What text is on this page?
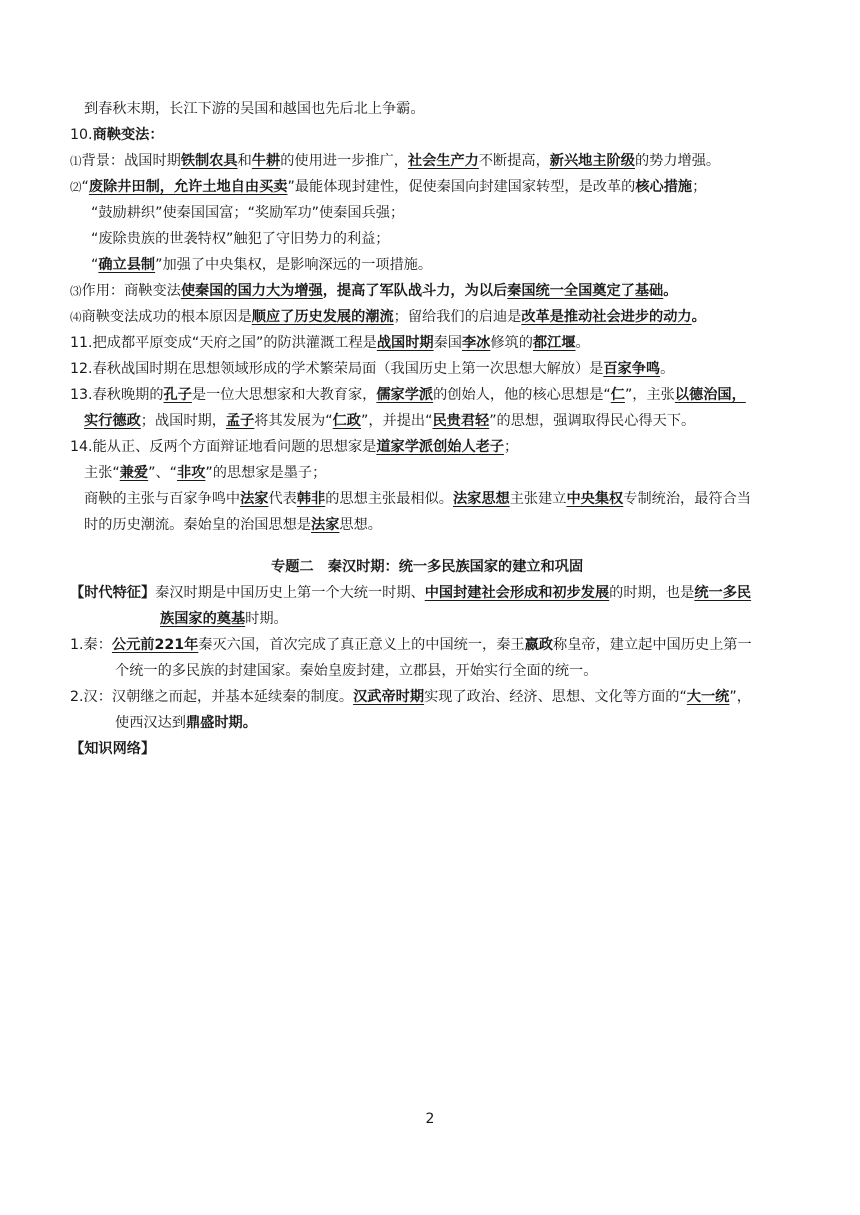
到春秋末期，长江下游的吴国和越国也先后北上争霸。
10.商鞅变法：
⑴背景：战国时期铁制农具和牛耕的使用进一步推广，社会生产力不断提高，新兴地主阶级的势力增强。
⑵“废除井田制，允许土地自由买卖”最能体现封建性，促使秦国向封建国家转型，是改革的核心措施；
“鼓励耕织”使秦国国富；“奖励军功”使秦国兵强；
“废除贵族的世袭特权”触犯了守旧势力的利益；
“确立县制”加强了中央集权，是影响深远的一项措施。
⑶作用：商鞅变法使秦国的国力大为增强，提高了军队战斗力，为以后秦国统一全国奠定了基础。
⑷商鞅变法成功的根本原因是顺应了历史发展的潮流；留给我们的启迪是改革是推动社会进步的动力。
11.把成都平原变成“天府之国”的防洪灌溉工程是战国时期秦国李冰修筑的都江堰。
12.春秋战国时期在思想领域形成的学术繁荣局面（我国历史上第一次思想大解放）是百家争鸣。
13.春秋晚期的孔子是一位大思想家和大教育家，儒家学派的创始人，他的核心思想是“仁”，主张以德治国，
实行德政；战国时期，孟子将其发展为“仁政”，并提出“民贵君轻”的思想，强调取得民心得天下。
14.能从正、反两个方面辩证地看问题的思想家是道家学派创始人老子；
主张“兼爱”、“非攻”的思想家是墨子；
商鞅的主张与百家争鸣中法家代表韩非的思想主张最相似。法家思想主张建立中央集权专制统治，最符合当
时的历史潮流。秦始皇的治国思想是法家思想。
专题二　秦汉时期：统一多民族国家的建立和巩固
【时代特征】秦汉时期是中国历史上第一个大统一时期、中国封建社会形成和初步发展的时期，也是统一多民
族国家的奠基时期。
1.秦：公元前221年秦灭六国，首次完成了真正意义上的中国统一，秦王嬴政称皇帝，建立起中国历史上第一
个统一的多民族的封建国家。秦始皇废封建，立郡县，开始实行全面的统一。
2.汉：汉朝继之而起，并基本延续秦的制度。汉武帝时期实现了政治、经济、思想、文化等方面的“大一统”，
使西汉达到鼎盛时期。
【知识网络】
2
